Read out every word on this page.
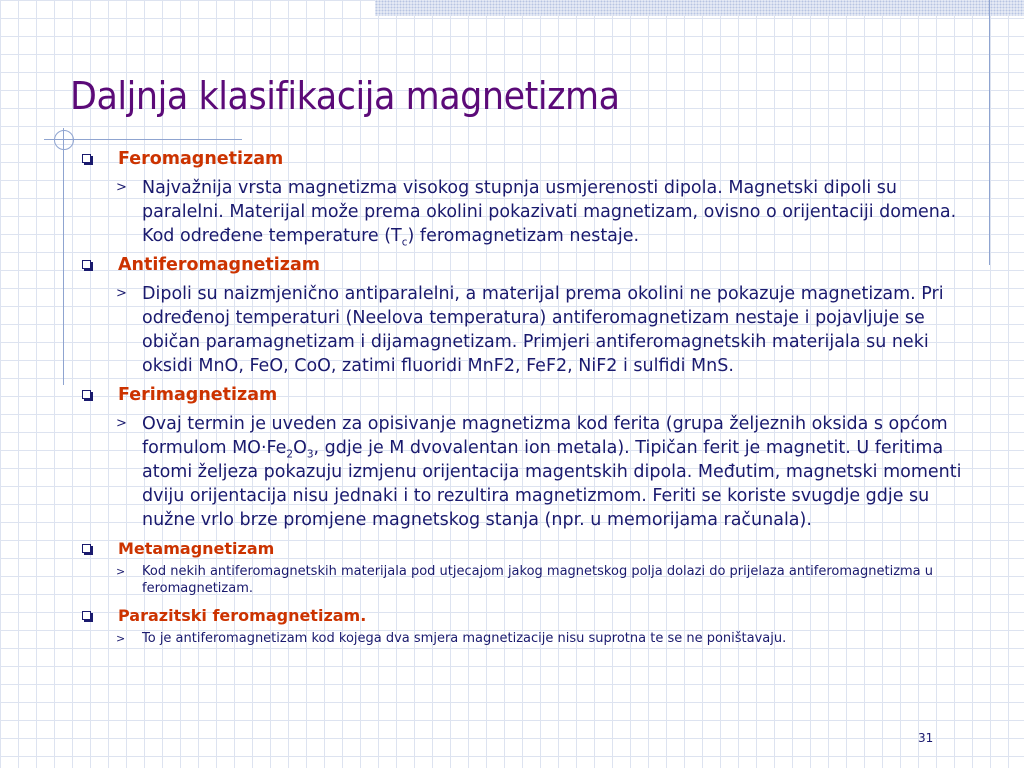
Daljnja klasifikacija magnetizma
Feromagnetizam
> Najvažnija vrsta magnetizma visokog stupnja usmjerenosti dipola. Magnetski dipoli su paralelni. Materijal može prema okolini pokazivati magnetizam, ovisno o orijentaciji domena. Kod određene temperature $(T_c)$ feromagnetizam nestaje.
Antiferomagnetizam
> Dipoli su naizmjenično antiparalelni, a materijal prema okolini ne pokazuje magnetizam. Pri određenoj temperaturi (Neelova temperatura) antiferomagnetizam nestaje i pojavljuje se običan paramagnetizam i dijamagnetizam. Primjeri antiferomagnetskih materijala su neki oksidi MnO, FeO, CoO, zatimi fluoridi MnF2, FeF2, NiF2 i sulfidi MnS.
Ferimagnetizam
> Ovaj termin je uveden za opisivanje magnetizma kod ferita (grupa željeznih oksida s općom formulom $MO\cdot Fe_2O_3$, gdje je M dvovalentan ion metala). Tipičan ferit je magnetit. U feritima atomi željeza pokazuju izmjenu orijentacija magentskih dipola. Međutim, magnetski momenti dviju orijentacija nisu jednaki i to rezultira magnetizmom. Feriti se koriste svugdje gdje su nužne vrlo brze promjene magnetskog stanja (npr. u memorijama računala).
Metamagnetizam
> Kod nekih antiferomagnetskih materijala pod utjecajom jakog magnetskog polja dolazi do prijelaza antiferomagnetizma u feromagnetizam.
Parazitski feromagnetizam.
> To je antiferomagnetizam kod kojega dva smjera magnetizacije nisu suprotna te se ne poništavaju.
31
